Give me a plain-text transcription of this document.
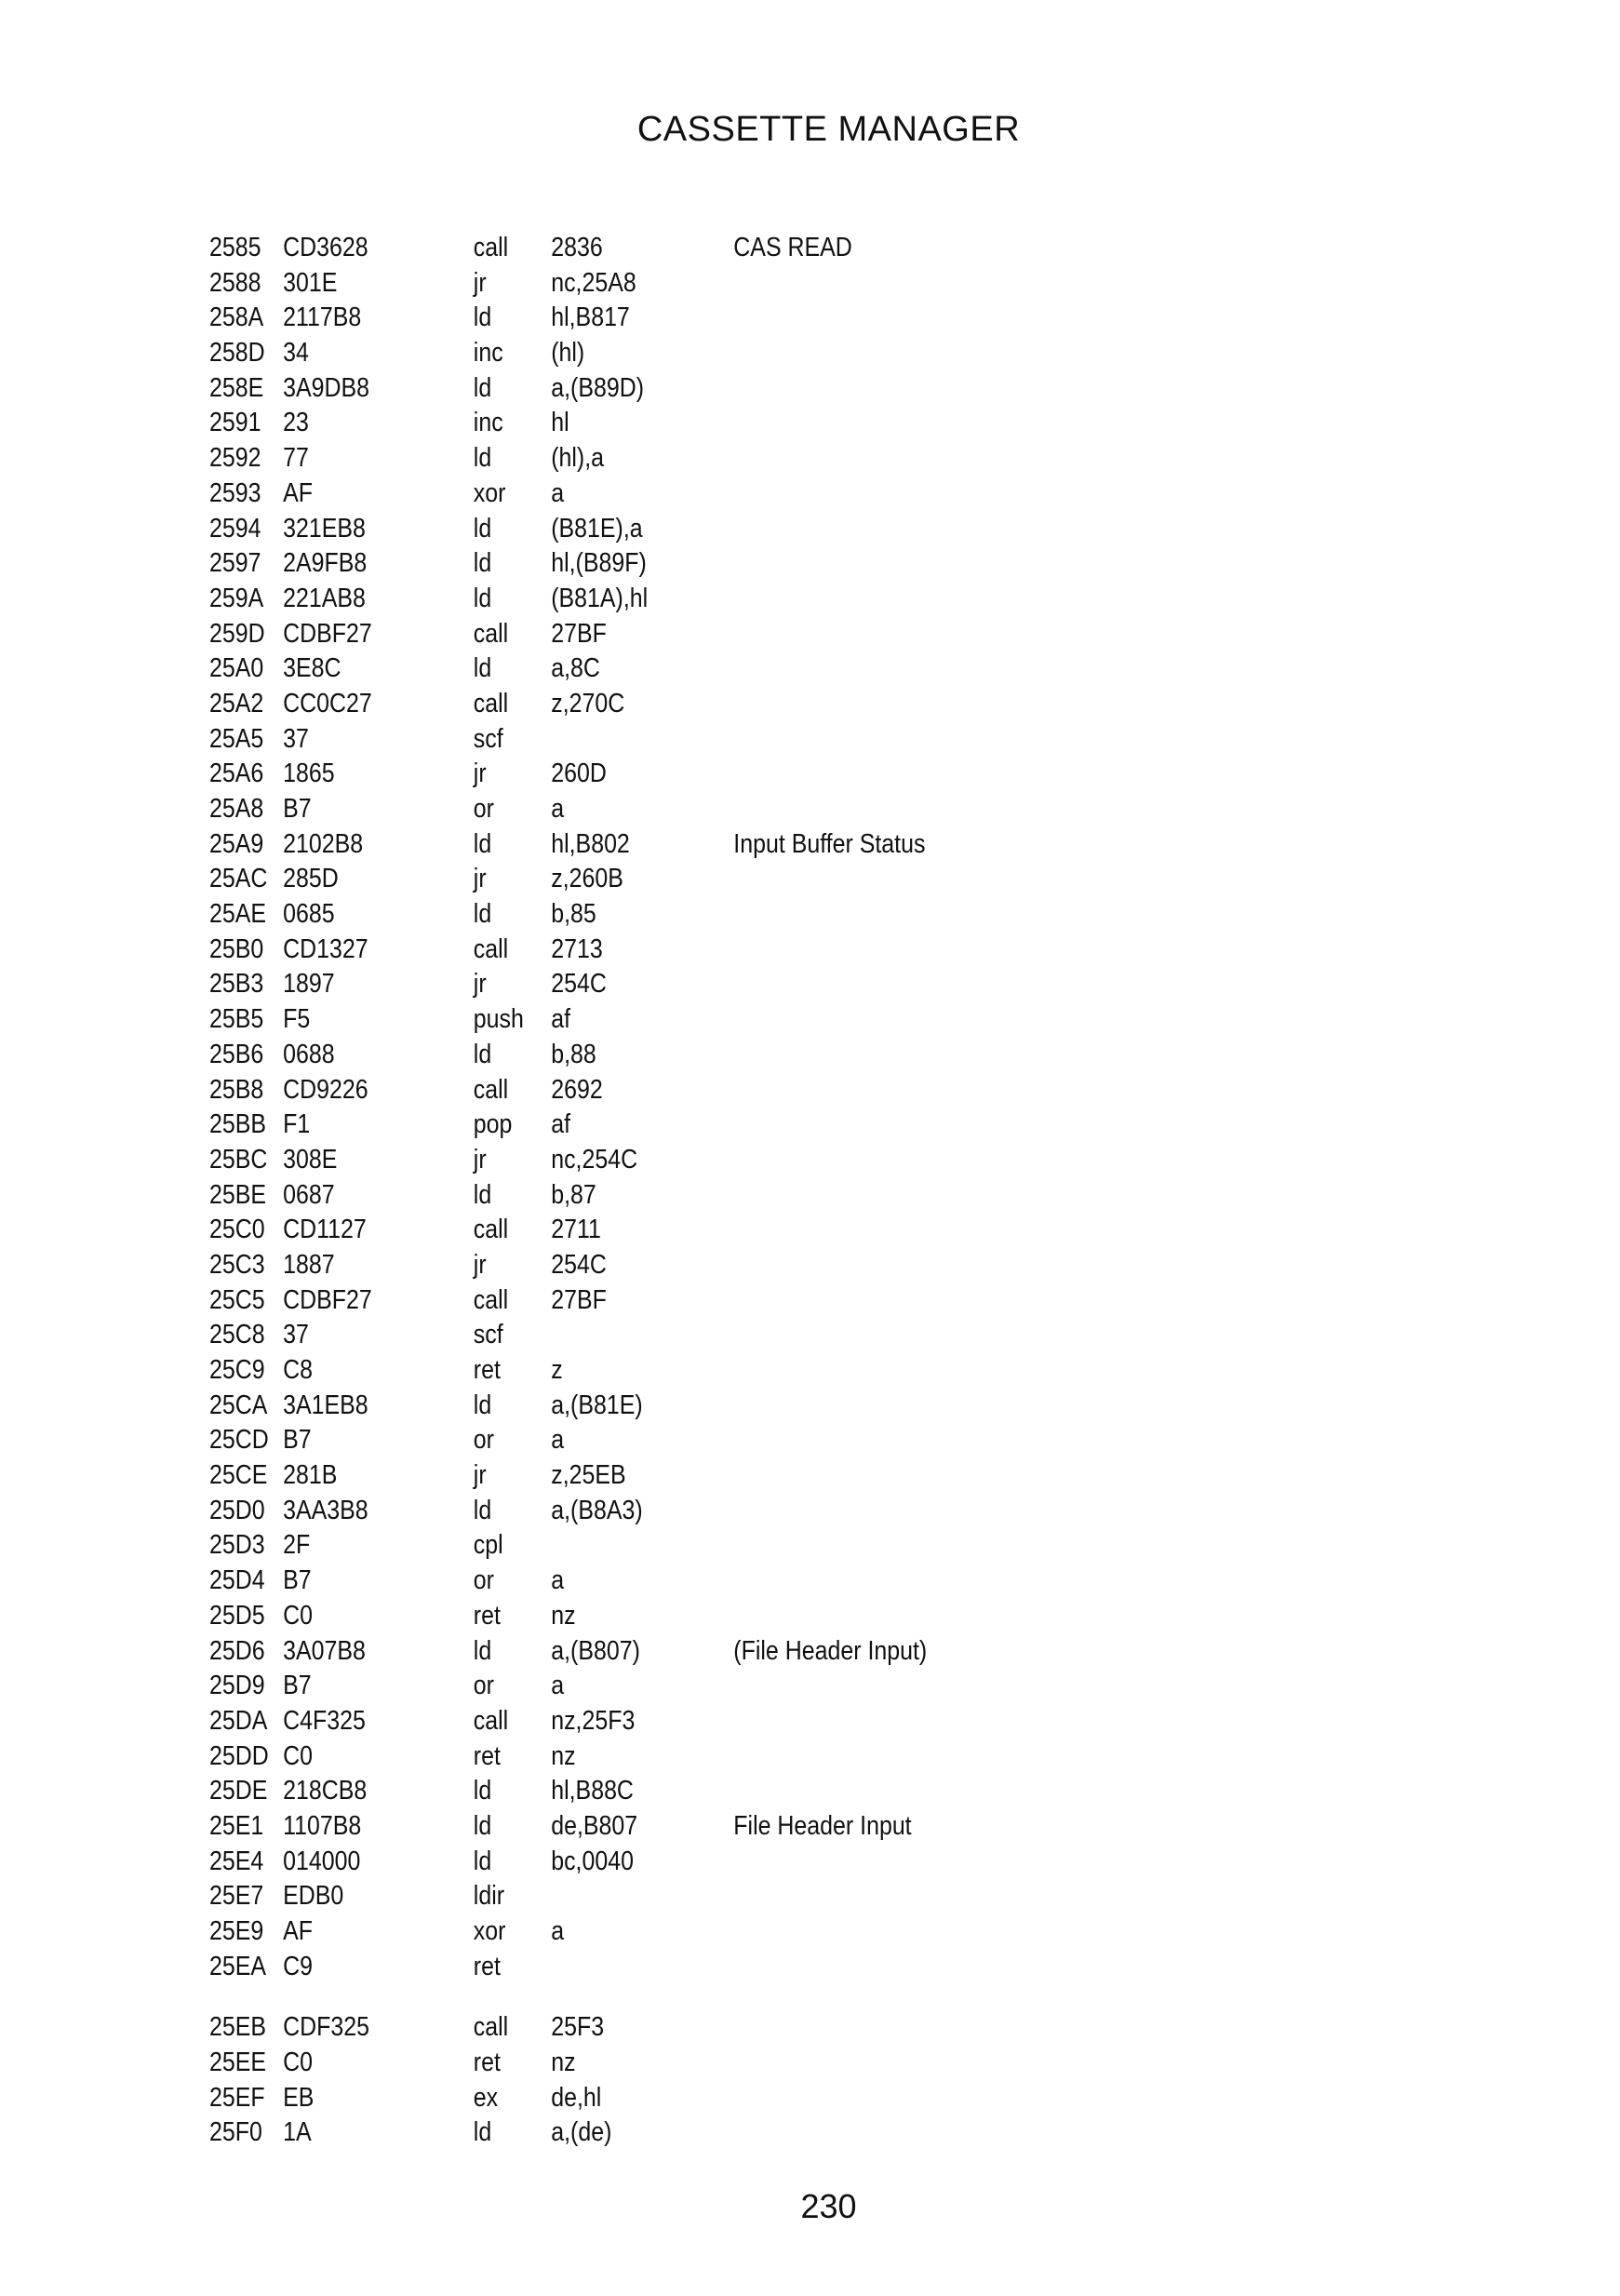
CASSETTE MANAGER
2585 CD3628	call 2836	CAS READ
2588 301E	jr nc,25A8
258A 2117B8	ld hl,B817
258D 34	inc (hl)
258E 3A9DB8	ld a,(B89D)
2591 23	inc hl
2592 77	ld (hl),a
2593 AF	xor a
2594 321EB8	ld (B81E),a
2597 2A9FB8	ld hl,(B89F)
259A 221AB8	ld (B81A),hl
259D CDBF27	call 27BF
25A0 3E8C	ld a,8C
25A2 CC0C27	call z,270C
25A5 37	scf
25A6 1865	jr 260D
25A8 B7	or a
25A9 2102B8	ld hl,B802	Input Buffer Status
25AC 285D	jr z,260B
25AE 0685	ld b,85
25B0 CD1327	call 2713
25B3 1897	jr 254C
25B5 F5	push af
25B6 0688	ld b,88
25B8 CD9226	call 2692
25BB F1	pop af
25BC 308E	jr nc,254C
25BE 0687	ld b,87
25C0 CD1127	call 2711
25C3 1887	jr 254C
25C5 CDBF27	call 27BF
25C8 37	scf
25C9 C8	ret z
25CA 3A1EB8	ld a,(B81E)
25CD B7	or a
25CE 281B	jr z,25EB
25D0 3AA3B8	ld a,(B8A3)
25D3 2F	cpl
25D4 B7	or a
25D5 C0	ret nz
25D6 3A07B8	ld a,(B807)	(File Header Input)
25D9 B7	or a
25DA C4F325	call nz,25F3
25DD C0	ret nz
25DE 218CB8	ld hl,B88C
25E1 1107B8	ld de,B807	File Header Input
25E4 014000	ld bc,0040
25E7 EDB0	ldir
25E9 AF	xor a
25EA C9	ret
25EB CDF325	call 25F3
25EE C0	ret nz
25EF EB	ex de,hl
25F0 1A	ld a,(de)
230
